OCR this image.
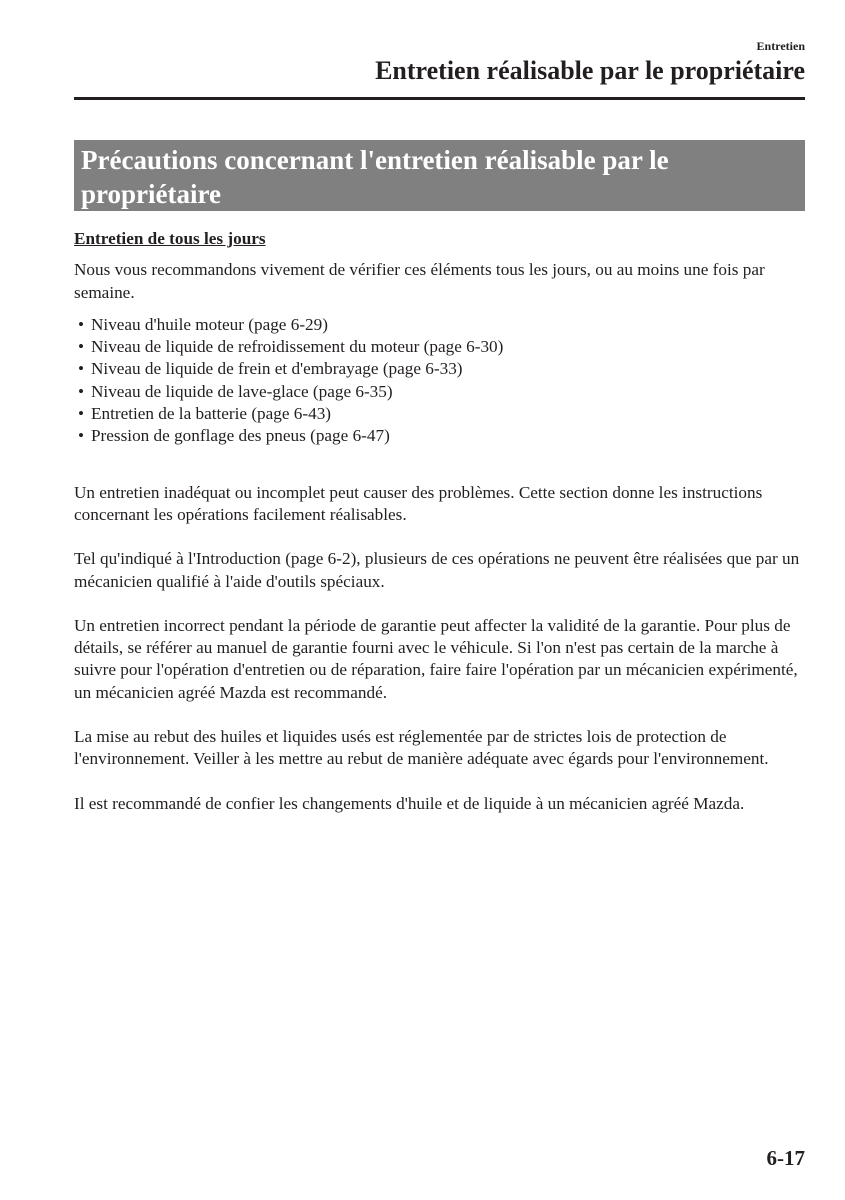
Entretien
Entretien réalisable par le propriétaire
Précautions concernant l'entretien réalisable par le propriétaire

Entretien de tous les jours

Nous vous recommandons vivement de vérifier ces éléments tous les jours, ou au moins une fois par semaine.

• Niveau d'huile moteur (page 6-29)
• Niveau de liquide de refroidissement du moteur (page 6-30)
• Niveau de liquide de frein et d'embrayage (page 6-33)
• Niveau de liquide de lave-glace (page 6-35)
• Entretien de la batterie (page 6-43)
• Pression de gonflage des pneus (page 6-47)

Un entretien inadéquat ou incomplet peut causer des problèmes. Cette section donne les instructions concernant les opérations facilement réalisables.

Tel qu'indiqué à l'Introduction (page 6-2), plusieurs de ces opérations ne peuvent être réalisées que par un mécanicien qualifié à l'aide d'outils spéciaux.

Un entretien incorrect pendant la période de garantie peut affecter la validité de la garantie. Pour plus de détails, se référer au manuel de garantie fourni avec le véhicule. Si l'on n'est pas certain de la marche à suivre pour l'opération d'entretien ou de réparation, faire faire l'opération par un mécanicien expérimenté, un mécanicien agréé Mazda est recommandé.

La mise au rebut des huiles et liquides usés est réglementée par de strictes lois de protection de l'environnement. Veiller à les mettre au rebut de manière adéquate avec égards pour l'environnement.

Il est recommandé de confier les changements d'huile et de liquide à un mécanicien agréé Mazda.

6-17
